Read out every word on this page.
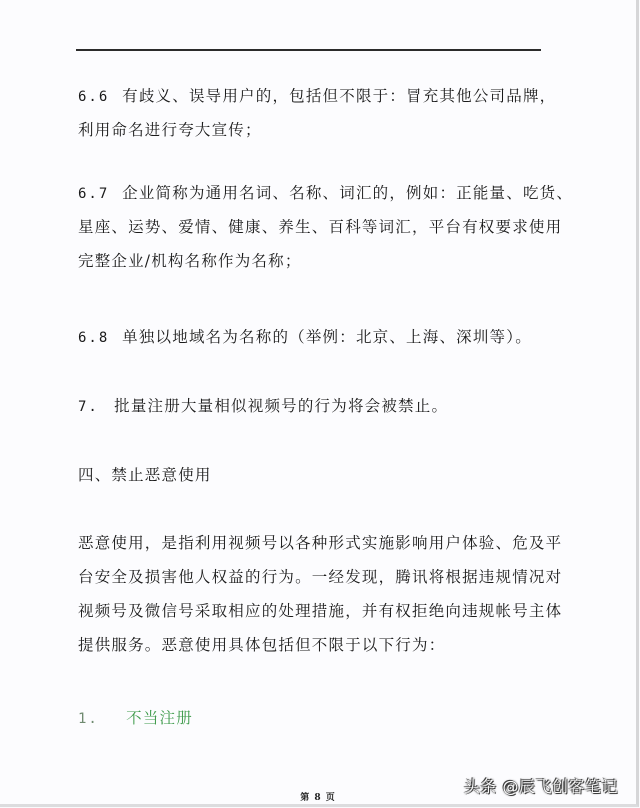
6.6 有歧义、误导用户的，包括但不限于：冒充其他公司品牌，
利用命名进行夸大宣传；
6.7 企业简称为通用名词、名称、词汇的，例如：正能量、吃货、
星座、运势、爱情、健康、养生、百科等词汇，平台有权要求使用
完整企业/机构名称作为名称；
6.8 单独以地域名为名称的（举例：北京、上海、深圳等）。
7. 批量注册大量相似视频号的行为将会被禁止。
四、禁止恶意使用
恶意使用，是指利用视频号以各种形式实施影响用户体验、危及平
台安全及损害他人权益的行为。一经发现，腾讯将根据违规情况对
视频号及微信号采取相应的处理措施，并有权拒绝向违规帐号主体
提供服务。恶意使用具体包括但不限于以下行为：
1. 不当注册
第 8 页
头条 @辰飞创客笔记
